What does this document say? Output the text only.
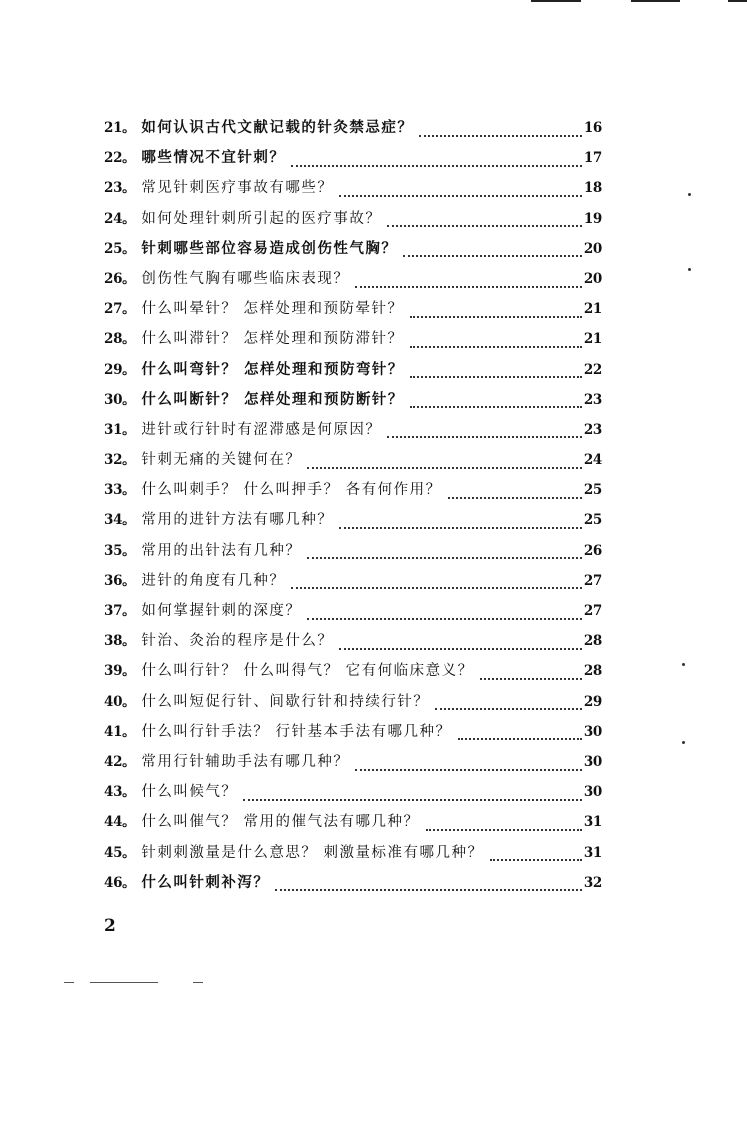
21。 如何认识古代文献记载的针灸禁忌症？	16
22。 哪些情况不宜针刺？	17
23。 常见针刺医疗事故有哪些？	18
24。 如何处理针刺所引起的医疗事故？	19
25。 针刺哪些部位容易造成创伤性气胸？	20
26。 创伤性气胸有哪些临床表现？	20
27。 什么叫晕针？ 怎样处理和预防晕针？	21
28。 什么叫滞针？ 怎样处理和预防滞针？	21
29。 什么叫弯针？ 怎样处理和预防弯针？	22
30。 什么叫断针？ 怎样处理和预防断针？	23
31。 进针或行针时有涩滞感是何原因？	23
32。 针刺无痛的关键何在？	24
33。 什么叫刺手？ 什么叫押手？ 各有何作用？	25
34。 常用的进针方法有哪几种？	25
35。 常用的出针法有几种？	26
36。 进针的角度有几种？	27
37。 如何掌握针刺的深度？	27
38。 针治、灸治的程序是什么？	28
39。 什么叫行针？ 什么叫得气？ 它有何临床意义？	28
40。 什么叫短促行针、间歇行针和持续行针？	29
41。 什么叫行针手法？ 行针基本手法有哪几种？	30
42。 常用行针辅助手法有哪几种？	30
43。 什么叫候气？	30
44。 什么叫催气？ 常用的催气法有哪几种？	31
45。 针刺刺激量是什么意思？ 刺激量标准有哪几种？	31
46。 什么叫针刺补泻？	32
2
